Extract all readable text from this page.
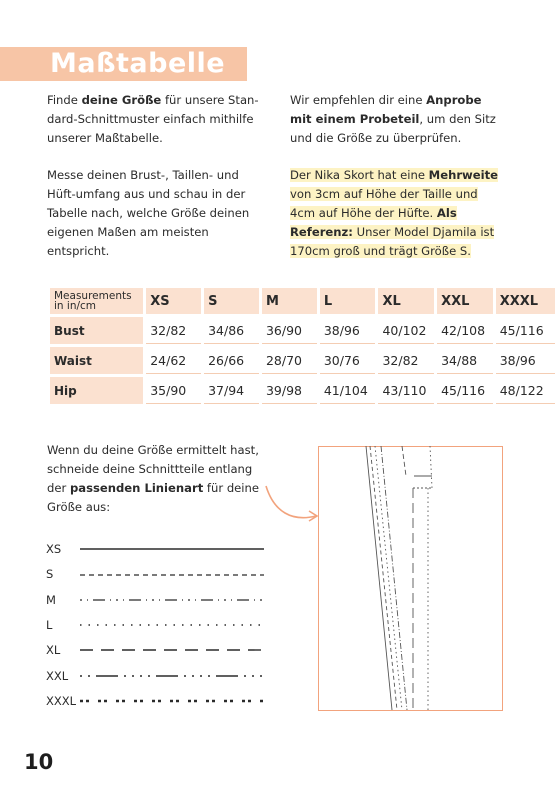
Maßtabelle
Finde deine Größe für unsere Stan-dard-Schnittmuster einfach mithilfe unserer Maßtabelle.
Messe deinen Brust-, Taillen- und Hüft-umfang aus und schau in der Tabelle nach, welche Größe deinen eigenen Maßen am meisten entspricht.
Wir empfehlen dir eine Anprobe mit einem Probeteil, um den Sitz und die Größe zu überprüfen.
Der Nika Skort hat eine Mehrweite von 3cm auf Höhe der Taille und 4cm auf Höhe der Hüfte. Als Referenz: Unser Model Djamila ist 170cm groß und trägt Größe S.
Measurements in in/cm	XS	S	M	L	XL	XXL	XXXL
Bust	32/82	34/86	36/90	38/96	40/102	42/108	45/116
Waist	24/62	26/66	28/70	30/76	32/82	34/88	38/96
Hip	35/90	37/94	39/98	41/104	43/110	45/116	48/122
Wenn du deine Größe ermittelt hast, schneide deine Schnittteile entlang der passenden Linienart für deine Größe aus:
XS
S
M
L
XL
XXL
XXXL
10
